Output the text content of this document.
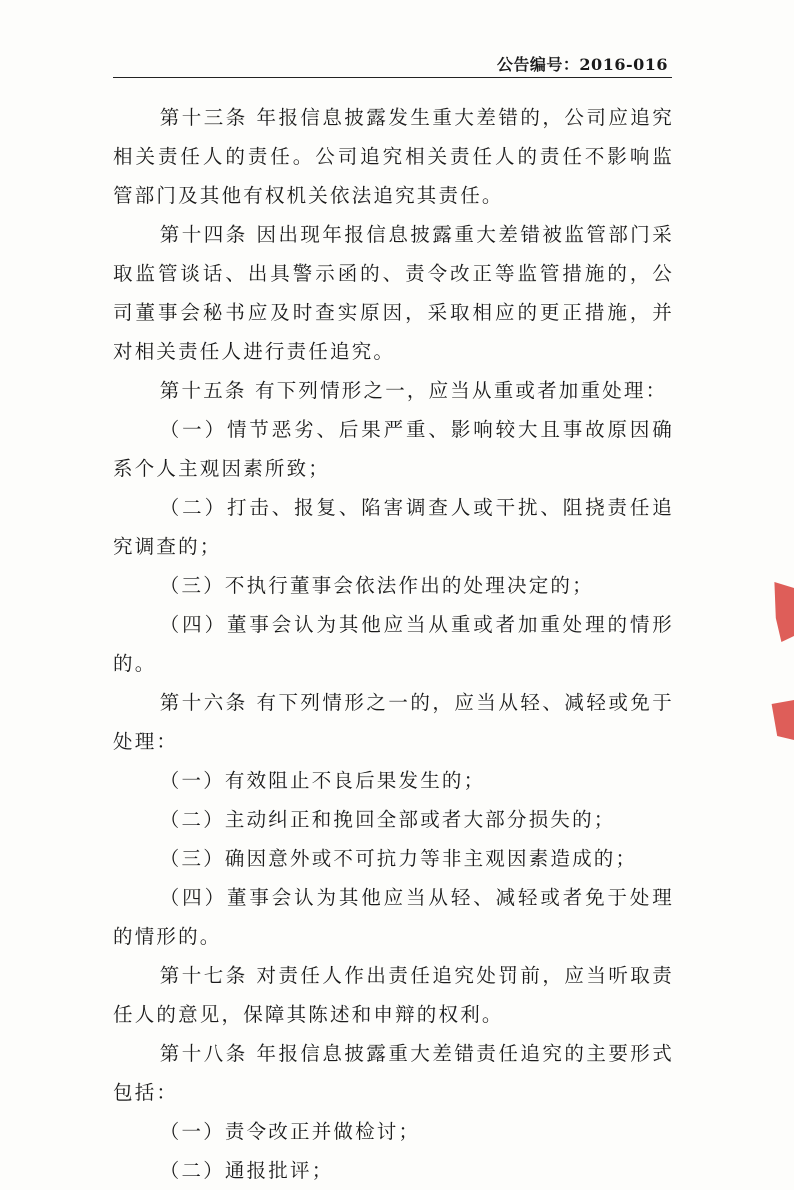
公告编号：2016-016

第十三条 年报信息披露发生重大差错的，公司应追究相关责任人的责任。公司追究相关责任人的责任不影响监管部门及其他有权机关依法追究其责任。

第十四条 因出现年报信息披露重大差错被监管部门采取监管谈话、出具警示函的、责令改正等监管措施的，公司董事会秘书应及时查实原因，采取相应的更正措施，并对相关责任人进行责任追究。

第十五条 有下列情形之一，应当从重或者加重处理：

（一）情节恶劣、后果严重、影响较大且事故原因确系个人主观因素所致；

（二）打击、报复、陷害调查人或干扰、阻挠责任追究调查的；

（三）不执行董事会依法作出的处理决定的；

（四）董事会认为其他应当从重或者加重处理的情形的。

第十六条 有下列情形之一的，应当从轻、减轻或免于处理：

（一）有效阻止不良后果发生的；

（二）主动纠正和挽回全部或者大部分损失的；

（三）确因意外或不可抗力等非主观因素造成的；

（四）董事会认为其他应当从轻、减轻或者免于处理的情形的。

第十七条 对责任人作出责任追究处罚前，应当听取责任人的意见，保障其陈述和申辩的权利。

第十八条 年报信息披露重大差错责任追究的主要形式包括：

（一）责令改正并做检讨；

（二）通报批评；
